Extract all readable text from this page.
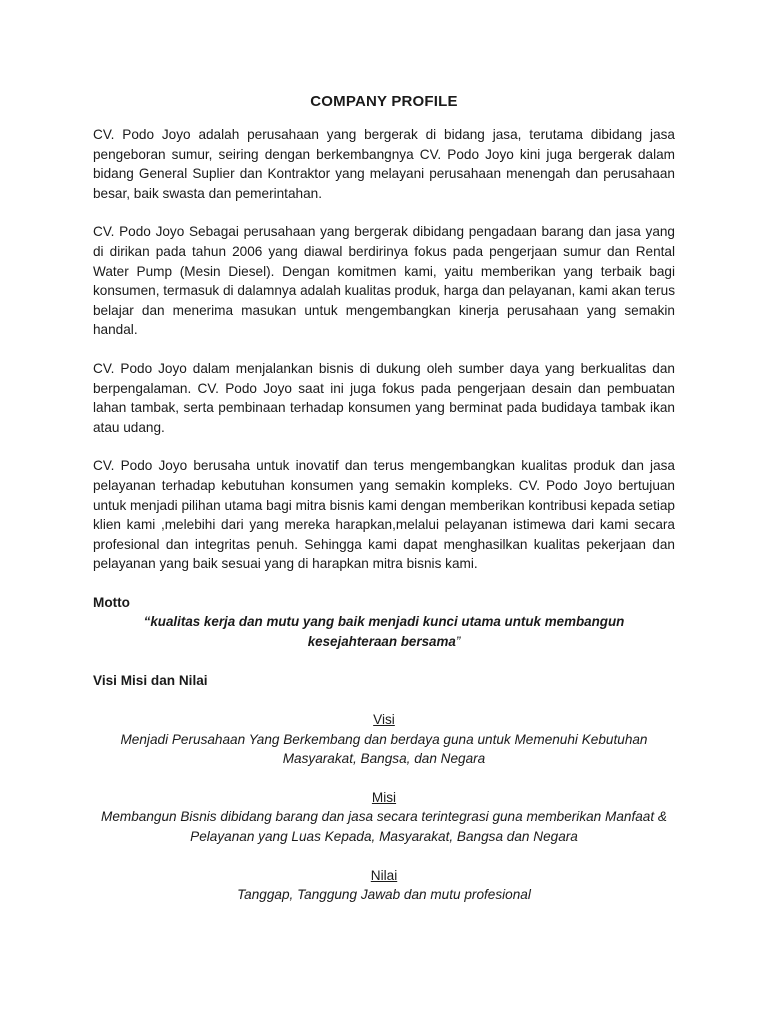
COMPANY PROFILE

CV. Podo Joyo adalah perusahaan yang bergerak di bidang jasa, terutama dibidang jasa pengeboran sumur, seiring dengan berkembangnya CV. Podo Joyo kini juga bergerak dalam bidang General Suplier dan Kontraktor yang melayani perusahaan menengah dan perusahaan besar, baik swasta dan pemerintahan.

CV. Podo Joyo Sebagai perusahaan yang bergerak dibidang pengadaan barang dan jasa yang di dirikan pada tahun 2006 yang diawal berdirinya fokus pada pengerjaan sumur dan Rental Water Pump (Mesin Diesel). Dengan komitmen kami, yaitu memberikan yang terbaik bagi konsumen, termasuk di dalamnya adalah kualitas produk, harga dan pelayanan, kami akan terus belajar dan menerima masukan untuk mengembangkan kinerja perusahaan yang semakin handal.

CV. Podo Joyo dalam menjalankan bisnis di dukung oleh sumber daya yang berkualitas dan berpengalaman. CV. Podo Joyo saat ini juga fokus pada pengerjaan desain dan pembuatan lahan tambak, serta pembinaan terhadap konsumen yang berminat pada budidaya tambak ikan atau udang.

CV. Podo Joyo berusaha untuk inovatif dan terus mengembangkan kualitas produk dan jasa pelayanan terhadap kebutuhan konsumen yang semakin kompleks. CV. Podo Joyo bertujuan untuk menjadi pilihan utama bagi mitra bisnis kami dengan memberikan kontribusi kepada setiap klien kami ,melebihi dari yang mereka harapkan,melalui pelayanan istimewa dari kami secara profesional dan integritas penuh. Sehingga kami dapat menghasilkan kualitas pekerjaan dan pelayanan yang baik sesuai yang di harapkan mitra bisnis kami.

Motto
“kualitas kerja dan mutu yang baik menjadi kunci utama untuk membangun kesejahteraan bersama”
Visi Misi dan Nilai
Visi
Menjadi Perusahaan Yang Berkembang dan berdaya guna untuk Memenuhi Kebutuhan Masyarakat, Bangsa, dan Negara
Misi
Membangun Bisnis dibidang barang dan jasa secara terintegrasi guna memberikan Manfaat & Pelayanan yang Luas Kepada, Masyarakat, Bangsa dan Negara
Nilai
Tanggap, Tanggung Jawab dan mutu profesional
